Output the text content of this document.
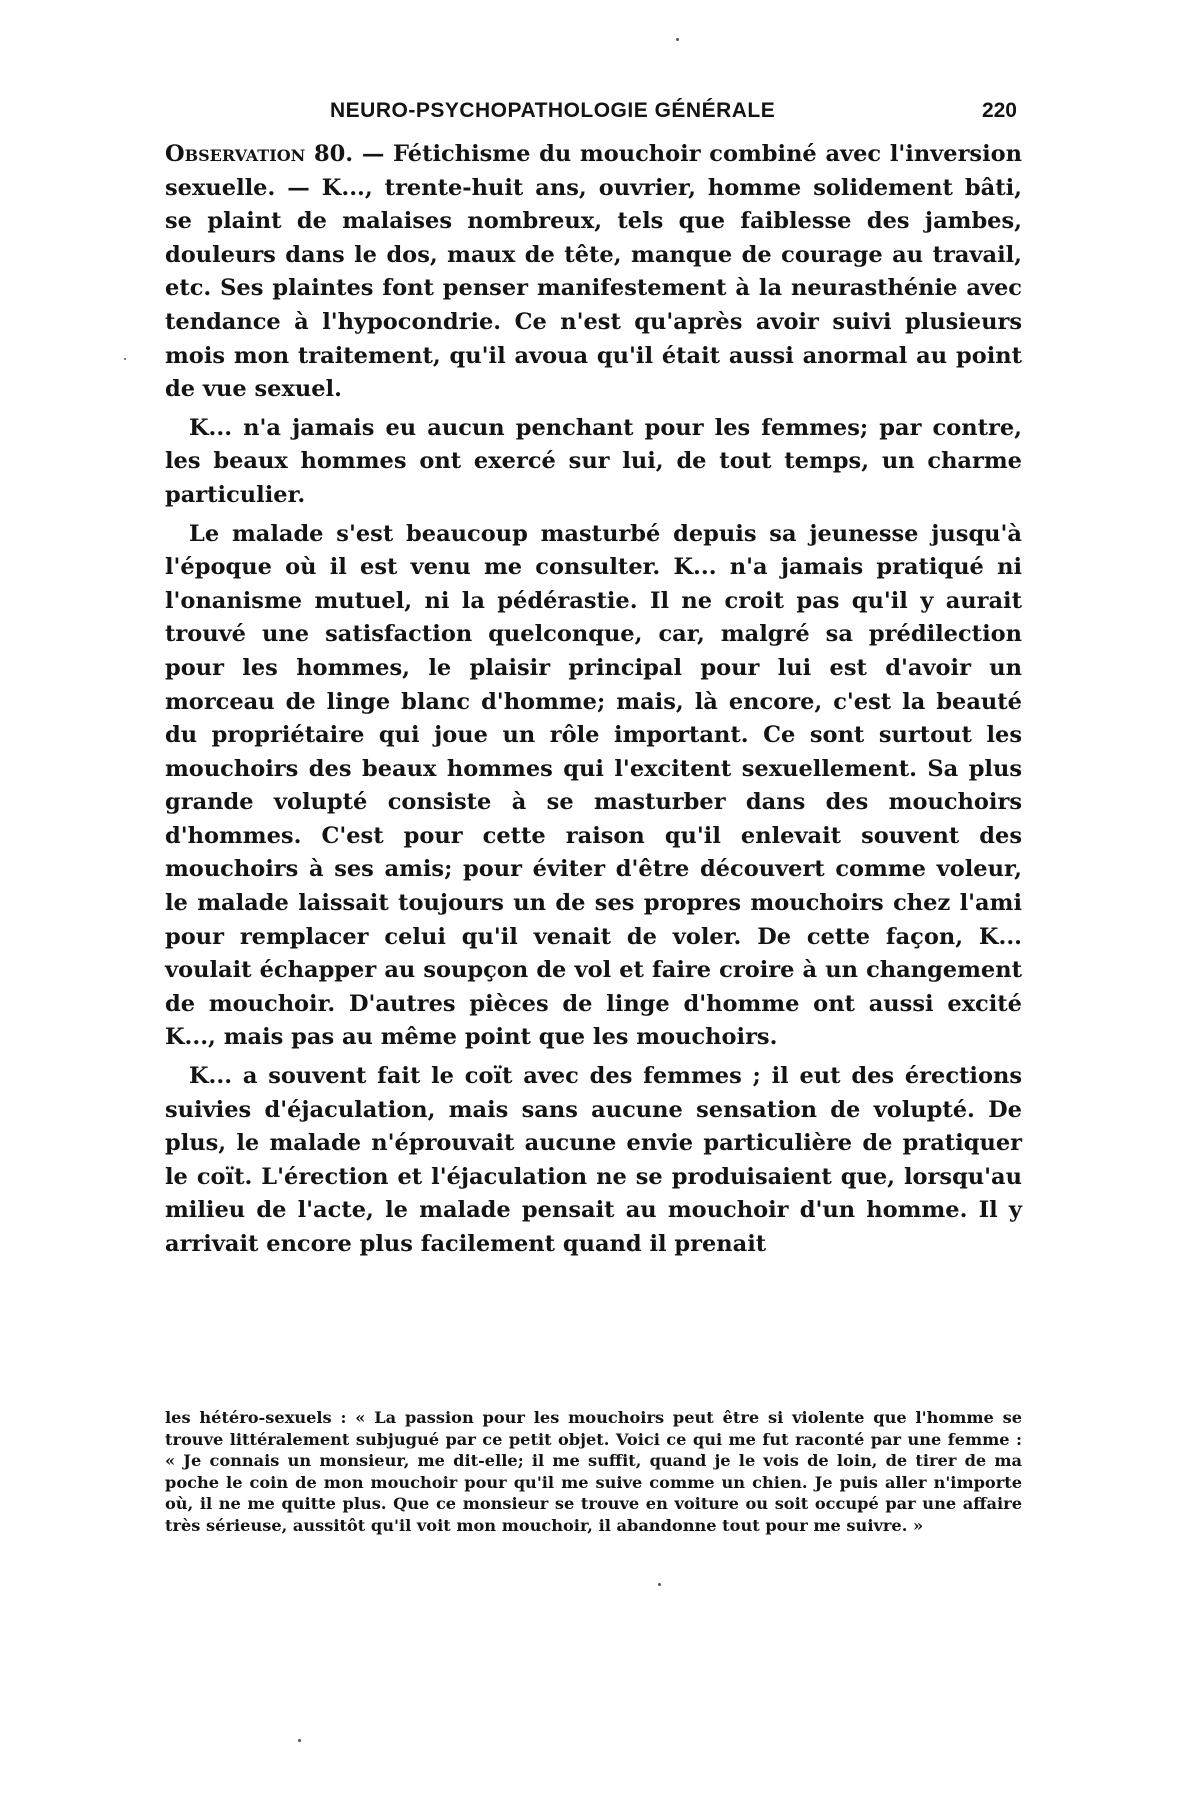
NEURO-PSYCHOPATHOLOGIE GÉNÉRALE	220

Observation 80. — Fétichisme du mouchoir combiné avec l'inversion sexuelle. — K..., trente-huit ans, ouvrier, homme solidement bâti, se plaint de malaises nombreux, tels que faiblesse des jambes, douleurs dans le dos, maux de tête, manque de courage au travail, etc. Ses plaintes font penser manifestement à la neurasthénie avec tendance à l'hypocondrie. Ce n'est qu'après avoir suivi plusieurs mois mon traitement, qu'il avoua qu'il était aussi anormal au point de vue sexuel.

K... n'a jamais eu aucun penchant pour les femmes; par contre, les beaux hommes ont exercé sur lui, de tout temps, un charme particulier.

Le malade s'est beaucoup masturbé depuis sa jeunesse jusqu'à l'époque où il est venu me consulter. K... n'a jamais pratiqué ni l'onanisme mutuel, ni la pédérastie. Il ne croit pas qu'il y aurait trouvé une satisfaction quelconque, car, malgré sa prédilection pour les hommes, le plaisir principal pour lui est d'avoir un morceau de linge blanc d'homme; mais, là encore, c'est la beauté du propriétaire qui joue un rôle important. Ce sont surtout les mouchoirs des beaux hommes qui l'excitent sexuellement. Sa plus grande volupté consiste à se masturber dans des mouchoirs d'hommes. C'est pour cette raison qu'il enlevait souvent des mouchoirs à ses amis; pour éviter d'être découvert comme voleur, le malade laissait toujours un de ses propres mouchoirs chez l'ami pour remplacer celui qu'il venait de voler. De cette façon, K... voulait échapper au soupçon de vol et faire croire à un changement de mouchoir. D'autres pièces de linge d'homme ont aussi excité K..., mais pas au même point que les mouchoirs.

K... a souvent fait le coït avec des femmes ; il eut des érections suivies d'éjaculation, mais sans aucune sensation de volupté. De plus, le malade n'éprouvait aucune envie particulière de pratiquer le coït. L'érection et l'éjaculation ne se produisaient que, lorsqu'au milieu de l'acte, le malade pensait au mouchoir d'un homme. Il y arrivait encore plus facilement quand il prenait

les hétéro-sexuels : « La passion pour les mouchoirs peut être si violente que l'homme se trouve littéralement subjugué par ce petit objet. Voici ce qui me fut raconté par une femme : « Je connais un monsieur, me dit-elle; il me suffit, quand je le vois de loin, de tirer de ma poche le coin de mon mouchoir pour qu'il me suive comme un chien. Je puis aller n'importe où, il ne me quitte plus. Que ce monsieur se trouve en voiture ou soit occupé par une affaire très sérieuse, aussitôt qu'il voit mon mouchoir, il abandonne tout pour me suivre. »
